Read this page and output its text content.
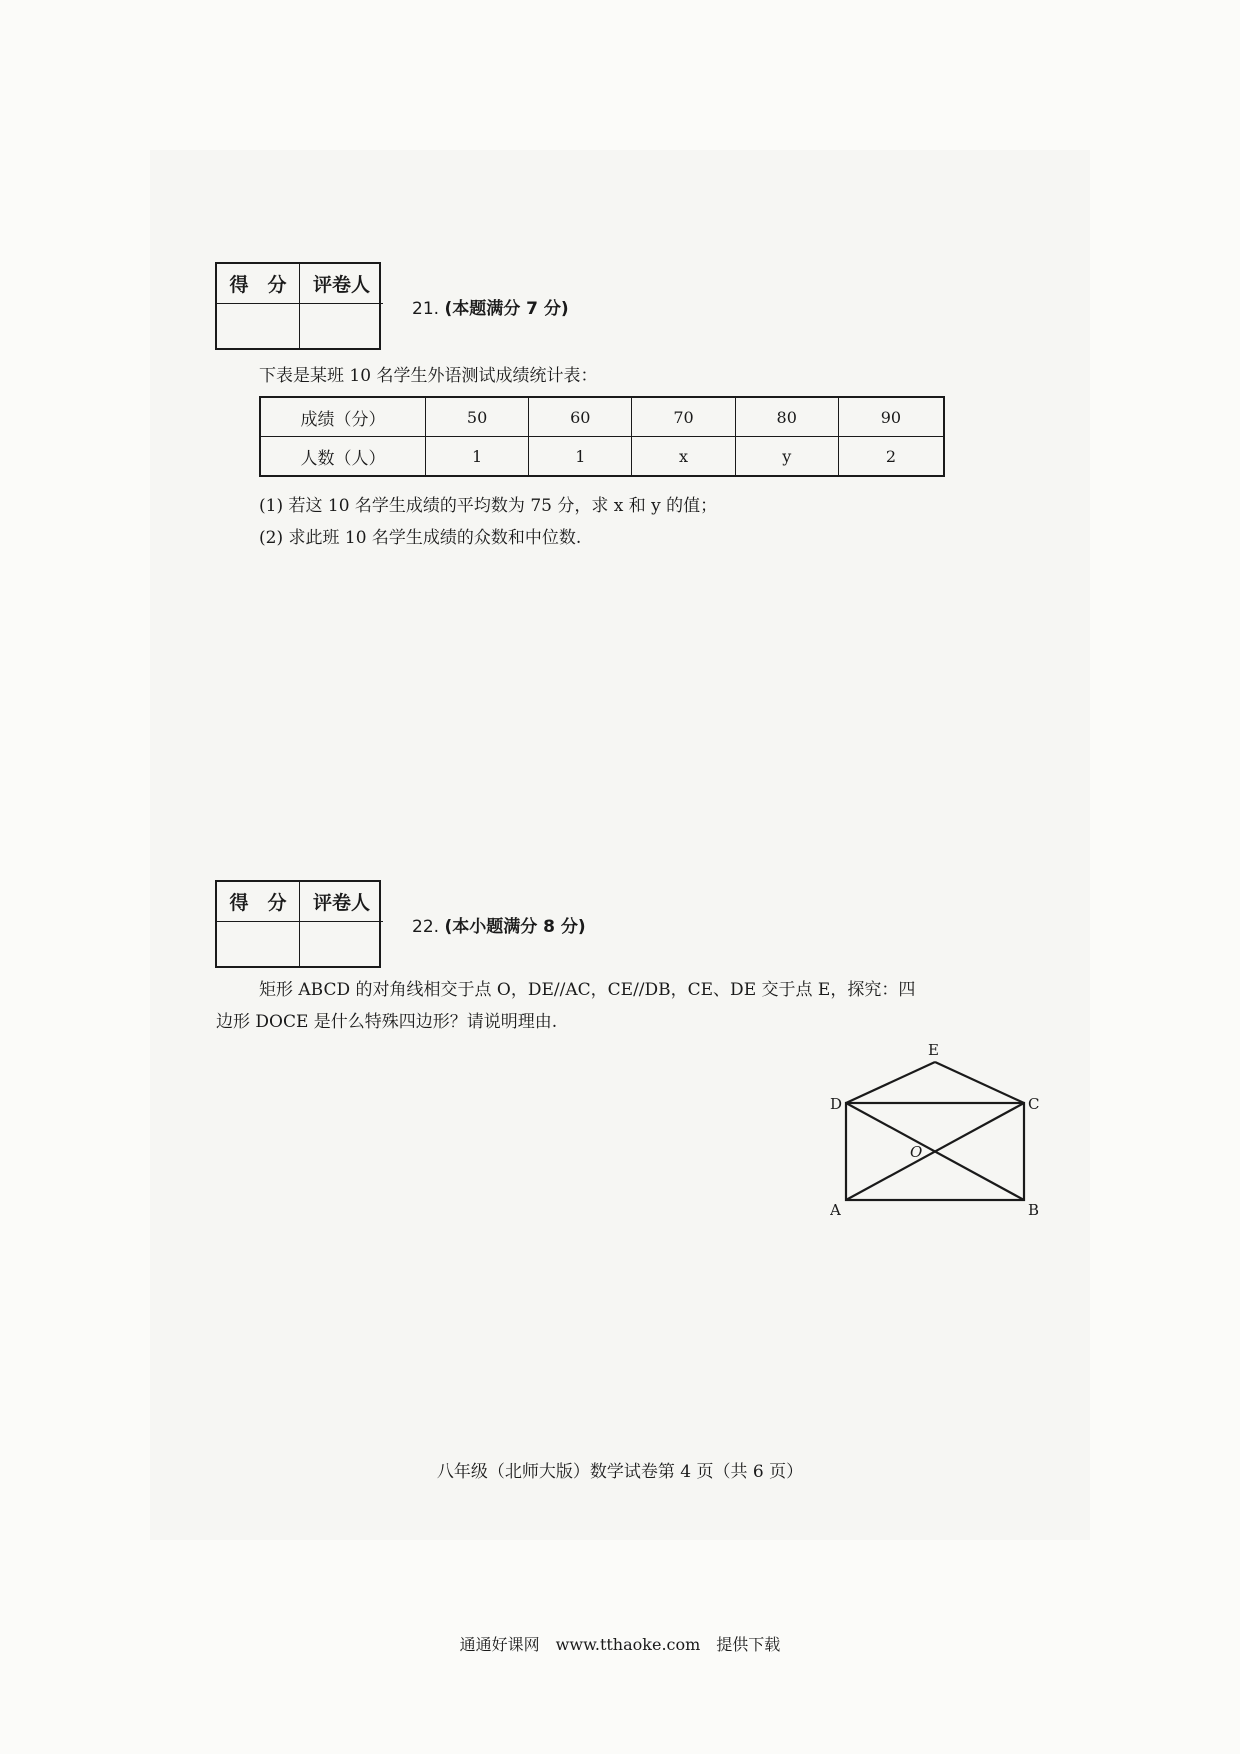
得　分	评卷人
21. (本题满分 7 分)
下表是某班 10 名学生外语测试成绩统计表：
成绩（分）	50	60	70	80	90
人数（人）	1	1	x	y	2
(1) 若这 10 名学生成绩的平均数为 75 分，求 x 和 y 的值；
(2) 求此班 10 名学生成绩的众数和中位数.
得　分	评卷人
22. (本小题满分 8 分)
矩形 ABCD 的对角线相交于点 O，DE//AC，CE//DB，CE、DE 交于点 E，探究：四
边形 DOCE 是什么特殊四边形？请说明理由.
E
D	C
O
A	B
八年级（北师大版）数学试卷第 4 页（共 6 页）
通通好课网　www.tthaoke.com　提供下载
